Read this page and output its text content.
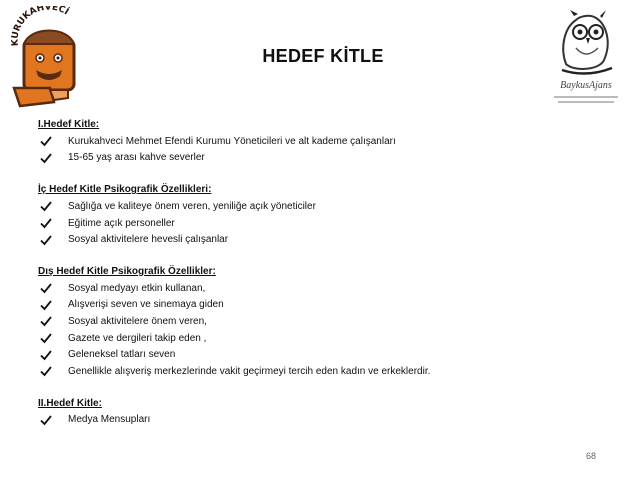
KURUKAHVECİ
HEDEF KİTLE
BaykusAjans
I.Hedef Kitle:
Kurukahveci Mehmet Efendi Kurumu Yöneticileri ve alt kademe çalışanları
15-65 yaş arası kahve severler
İç Hedef Kitle Psikografik Özellikleri:
Sağlığa ve kaliteye önem veren, yeniliğe açık yöneticiler
Eğitime açık personeller
Sosyal aktivitelere hevesli çalışanlar
Dış Hedef Kitle Psikografik Özellikler:
Sosyal medyayı etkin kullanan,
Alışverişi seven ve sinemaya giden
Sosyal aktivitelere önem veren,
Gazete ve dergileri takip eden ,
Geleneksel tatları seven
Genellikle alışveriş merkezlerinde vakit geçirmeyi tercih eden kadın ve erkeklerdir.
II.Hedef Kitle:
Medya Mensupları
68
